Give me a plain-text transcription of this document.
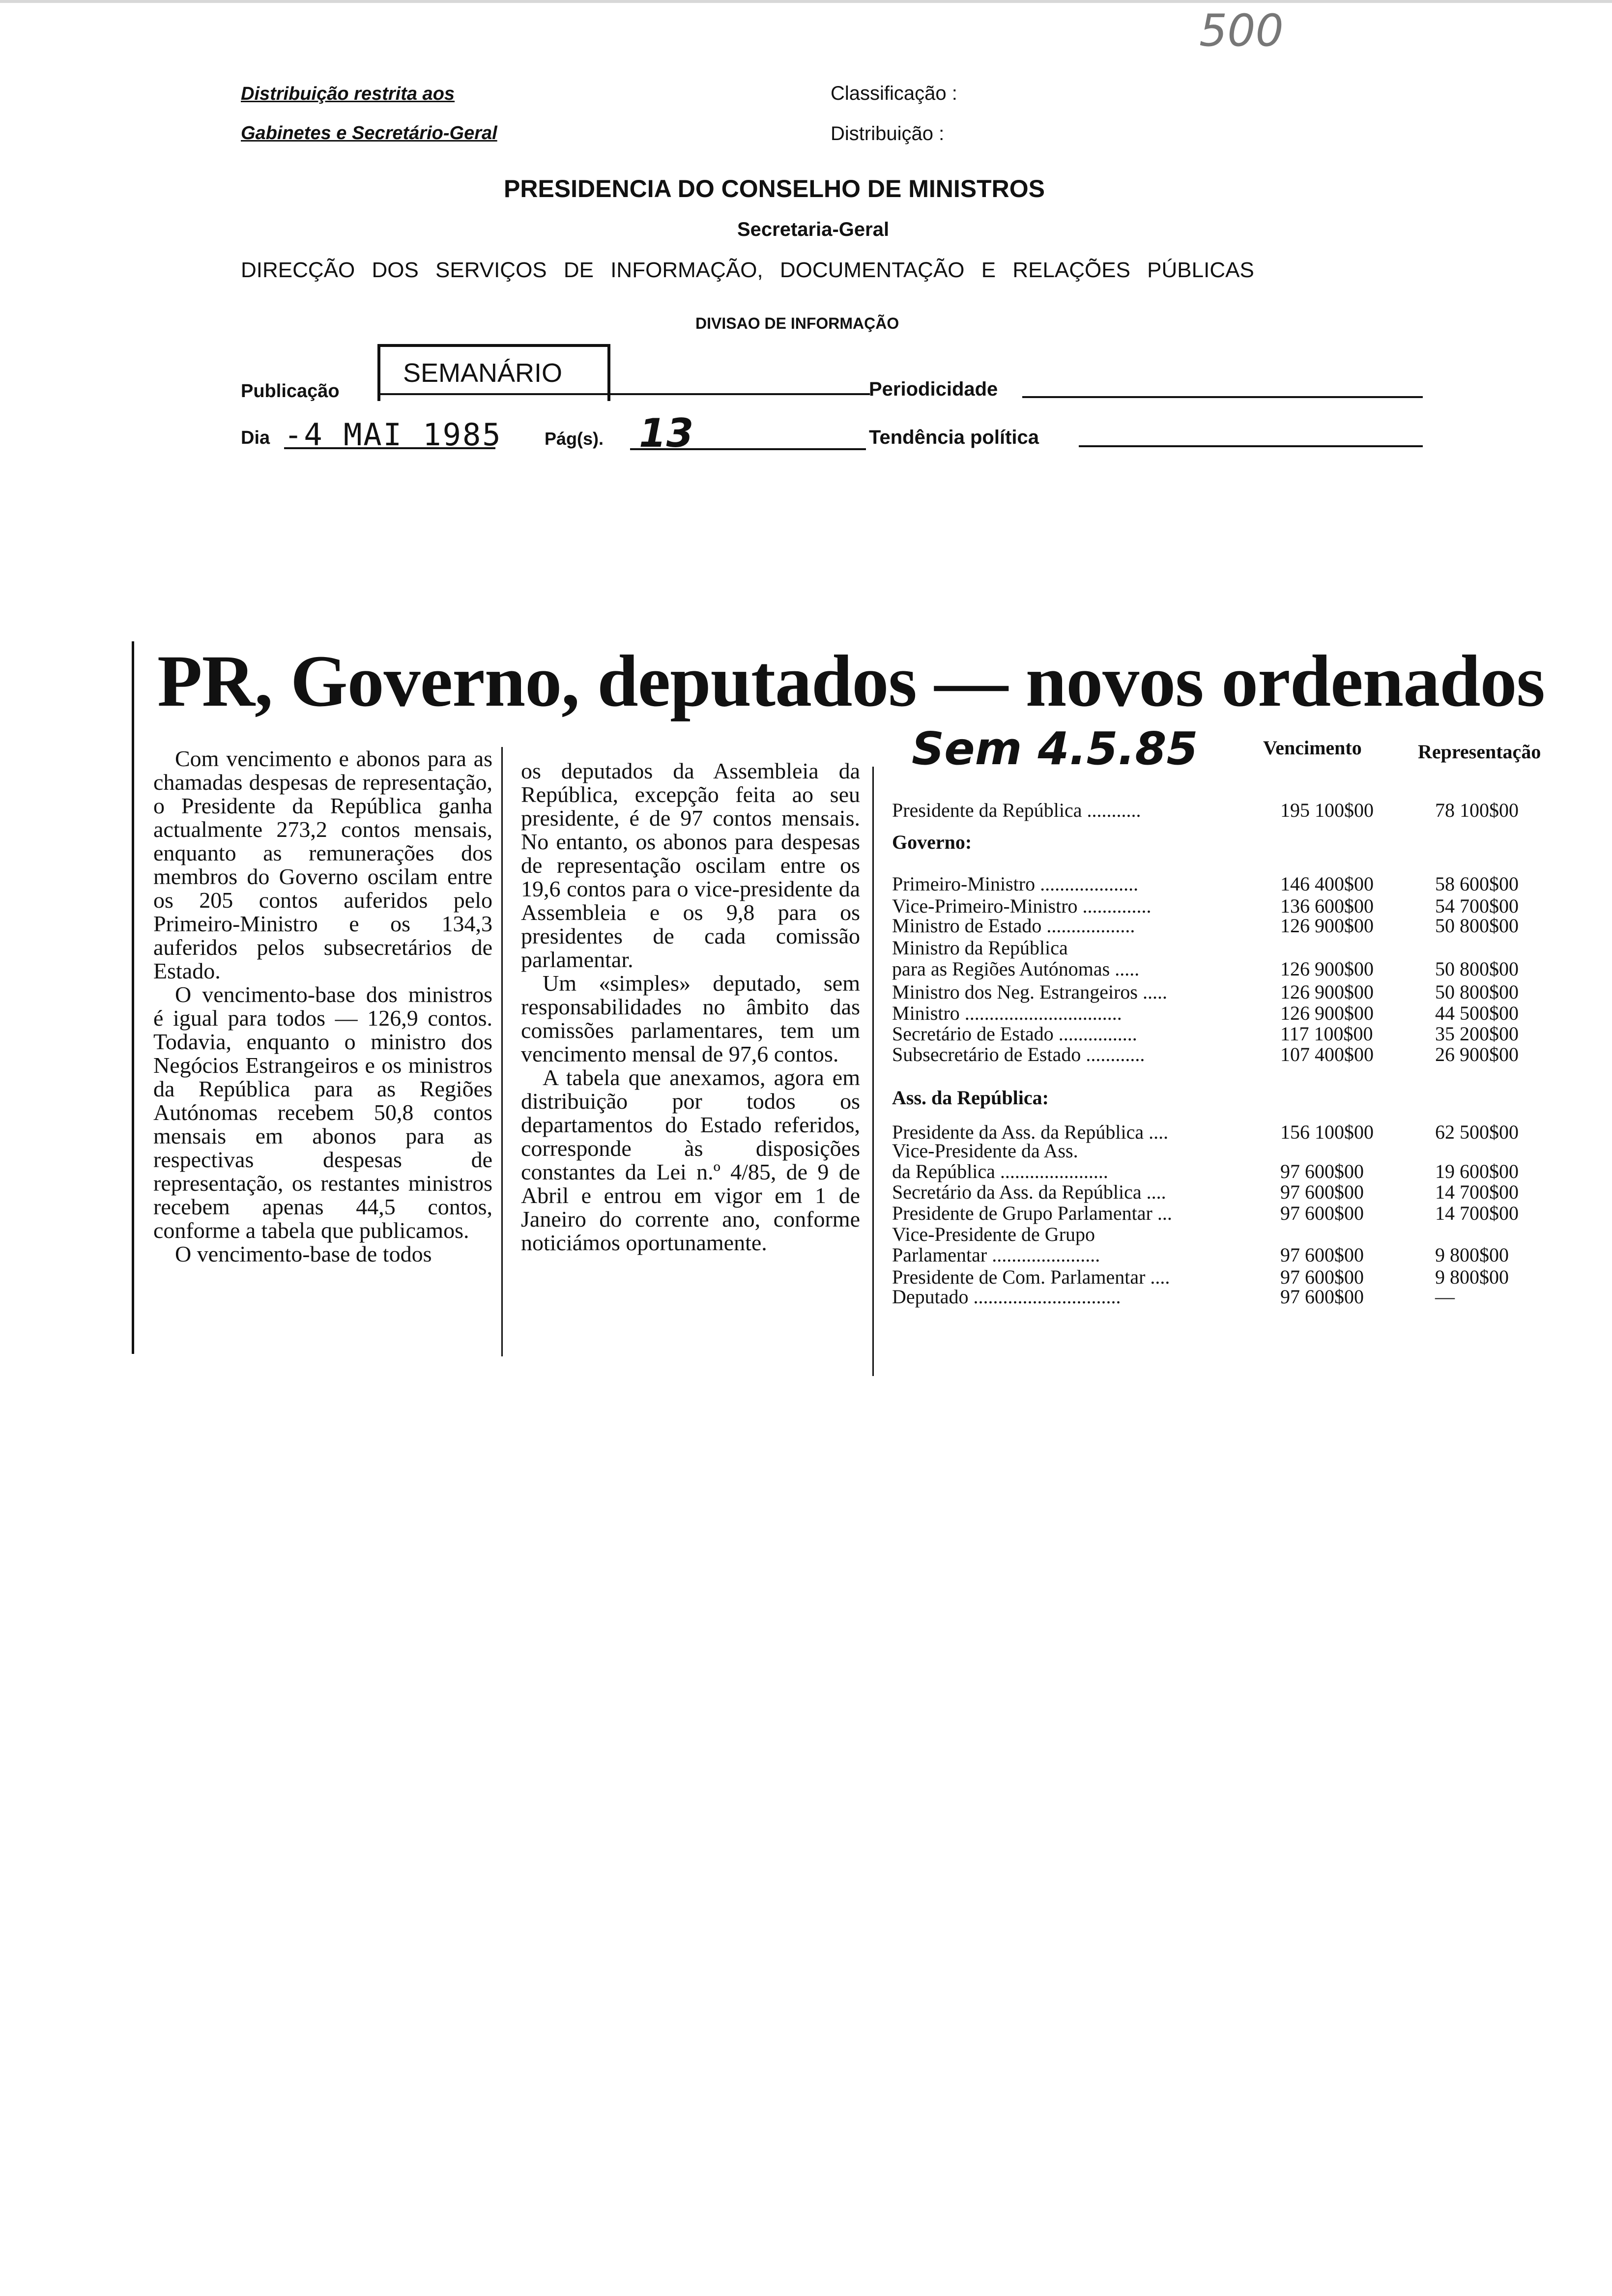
500
Distribuição restrita aos
Gabinetes e Secretário-Geral
Classificação :
Distribuição :
PRESIDENCIA DO CONSELHO DE MINISTROS
Secretaria-Geral
DIRECÇÃO DOS SERVIÇOS DE INFORMAÇÃO, DOCUMENTAÇÃO E RELAÇÕES PÚBLICAS
DIVISAO DE INFORMAÇÃO
Publicação
SEMANÁRIO
Periodicidade
Dia -4 MAI 1985 Pág(s). 13	Tendência política
PR, Governo, deputados — novos ordenados
Sem 4.5.85

Com vencimento e abonos para as chamadas despesas de representação, o Presidente da República ganha actualmente 273,2 contos mensais, enquanto as remunerações dos membros do Governo oscilam entre os 205 contos auferidos pelo Primeiro-Ministro e os 134,3 auferidos pelos subsecretários de Estado.

O vencimento-base dos ministros é igual para todos — 126,9 contos. Todavia, enquanto o ministro dos Negócios Estrangeiros e os ministros da República para as Regiões Autónomas recebem 50,8 contos mensais em abonos para as respectivas despesas de representação, os restantes ministros recebem apenas 44,5 contos, conforme a tabela que publicamos.

O vencimento-base de todos

os deputados da Assembleia da República, excepção feita ao seu presidente, é de 97 contos mensais. No entanto, os abonos para despesas de representação oscilam entre os 19,6 contos para o vice-presidente da Assembleia e os 9,8 para os presidentes de cada comissão parlamentar.

Um «simples» deputado, sem responsabilidades no âmbito das comissões parlamentares, tem um vencimento mensal de 97,6 contos.

A tabela que anexamos, agora em distribuição por todos os departamentos do Estado referidos, corresponde às disposições constantes da Lei n.º 4/85, de 9 de Abril e entrou em vigor em 1 de Janeiro do corrente ano, conforme noticiámos oportunamente.

Vencimento	Representação
Presidente da República ...........	195 100$00	78 100$00
Governo:
Primeiro-Ministro ....................	146 400$00	58 600$00
Vice-Primeiro-Ministro ..............	136 600$00	54 700$00
Ministro de Estado ..................	126 900$00	50 800$00
Ministro da República
para as Regiões Autónomas .....	126 900$00	50 800$00
Ministro dos Neg. Estrangeiros .....	126 900$00	50 800$00
Ministro ................................	126 900$00	44 500$00
Secretário de Estado ................	117 100$00	35 200$00
Subsecretário de Estado ............	107 400$00	26 900$00
Ass. da República:
Presidente da Ass. da República ....	156 100$00	62 500$00
Vice-Presidente da Ass.
da República ......................	97 600$00	19 600$00
Secretário da Ass. da República ....	97 600$00	14 700$00
Presidente de Grupo Parlamentar ...	97 600$00	14 700$00
Vice-Presidente de Grupo
Parlamentar ......................	97 600$00	9 800$00
Presidente de Com. Parlamentar ....	97 600$00	9 800$00
Deputado ..............................	97 600$00	—
